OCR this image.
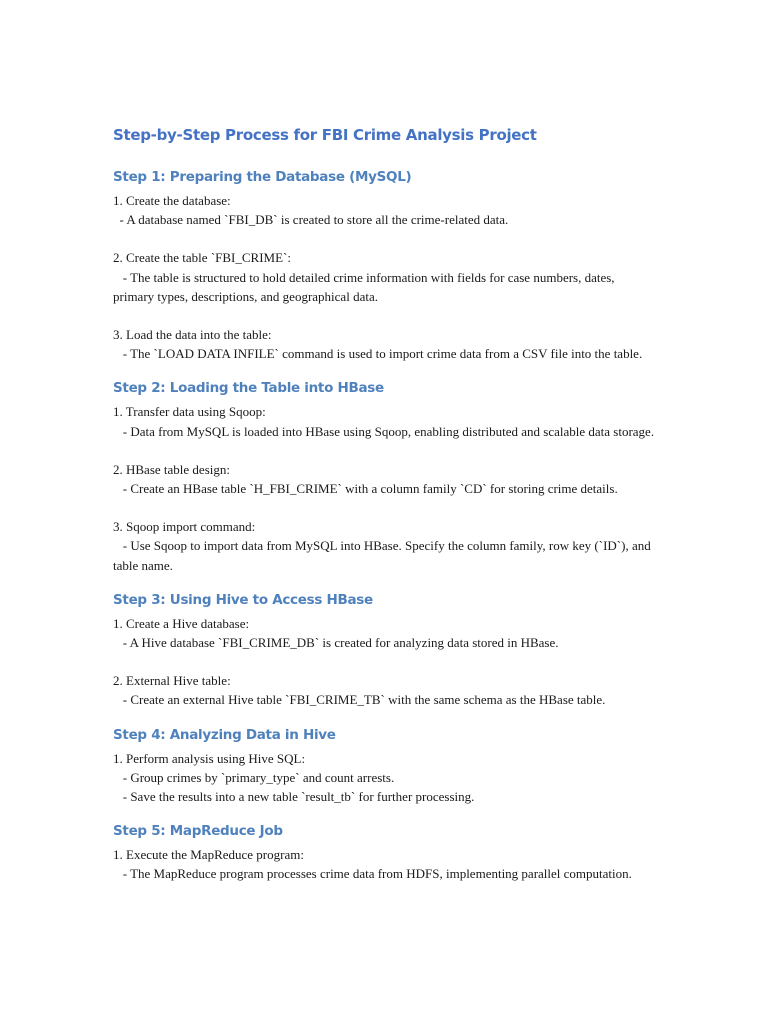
Step-by-Step Process for FBI Crime Analysis Project
Step 1: Preparing the Database (MySQL)
1. Create the database:
- A database named `FBI_DB` is created to store all the crime-related data.
2. Create the table `FBI_CRIME`:
- The table is structured to hold detailed crime information with fields for case numbers, dates, primary types, descriptions, and geographical data.
3. Load the data into the table:
- The `LOAD DATA INFILE` command is used to import crime data from a CSV file into the table.
Step 2: Loading the Table into HBase
1. Transfer data using Sqoop:
- Data from MySQL is loaded into HBase using Sqoop, enabling distributed and scalable data storage.
2. HBase table design:
- Create an HBase table `H_FBI_CRIME` with a column family `CD` for storing crime details.
3. Sqoop import command:
- Use Sqoop to import data from MySQL into HBase. Specify the column family, row key (`ID`), and table name.
Step 3: Using Hive to Access HBase
1. Create a Hive database:
- A Hive database `FBI_CRIME_DB` is created for analyzing data stored in HBase.
2. External Hive table:
- Create an external Hive table `FBI_CRIME_TB` with the same schema as the HBase table.
Step 4: Analyzing Data in Hive
1. Perform analysis using Hive SQL:
- Group crimes by `primary_type` and count arrests.
- Save the results into a new table `result_tb` for further processing.
Step 5: MapReduce Job
1. Execute the MapReduce program:
- The MapReduce program processes crime data from HDFS, implementing parallel computation.
